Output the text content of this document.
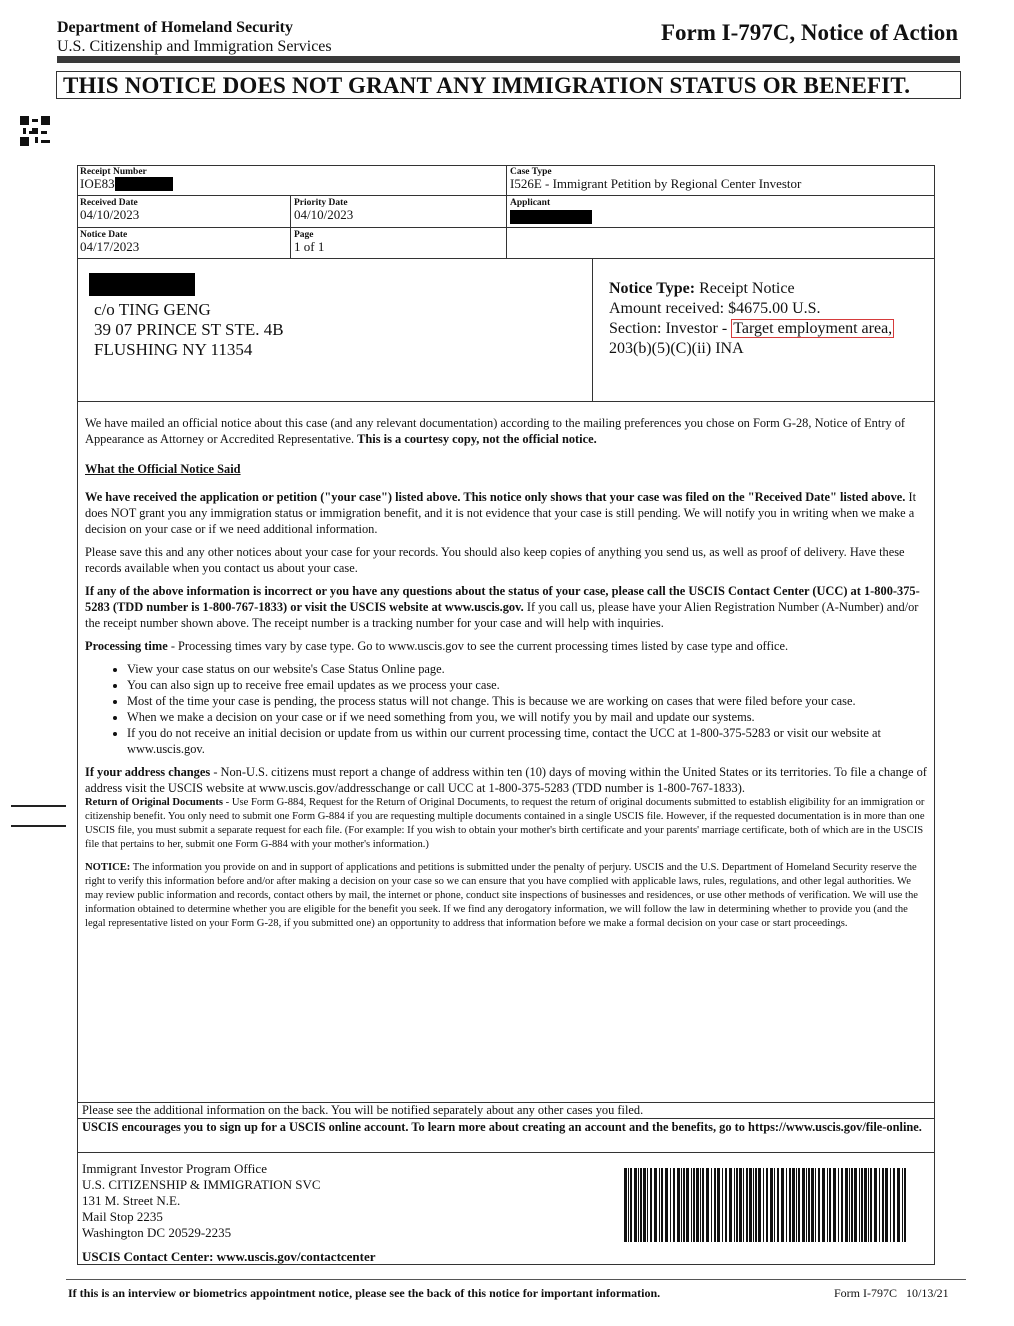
Department of Homeland Security
U.S. Citizenship and Immigration Services
Form I-797C, Notice of Action
THIS NOTICE DOES NOT GRANT ANY IMMIGRATION STATUS OR BENEFIT.
Receipt Number
IOE83
Case Type
I526E - Immigrant Petition by Regional Center Investor
Received Date
04/10/2023
Priority Date
04/10/2023
Applicant
Notice Date
04/17/2023
Page
1 of 1
c/o TING GENG
39 07 PRINCE ST STE. 4B
FLUSHING NY 11354
Notice Type: Receipt Notice
Amount received: $4675.00 U.S.
Section: Investor - Target employment area,
203(b)(5)(C)(ii) INA

We have mailed an official notice about this case (and any relevant documentation) according to the mailing preferences you chose on Form G-28, Notice of Entry of Appearance as Attorney or Accredited Representative. This is a courtesy copy, not the official notice.

What the Official Notice Said

We have received the application or petition ("your case") listed above. This notice only shows that your case was filed on the "Received Date" listed above. It does NOT grant you any immigration status or immigration benefit, and it is not evidence that your case is still pending. We will notify you in writing when we make a decision on your case or if we need additional information.

Please save this and any other notices about your case for your records. You should also keep copies of anything you send us, as well as proof of delivery. Have these records available when you contact us about your case.

If any of the above information is incorrect or you have any questions about the status of your case, please call the USCIS Contact Center (UCC) at 1-800-375-5283 (TDD number is 1-800-767-1833) or visit the USCIS website at www.uscis.gov. If you call us, please have your Alien Registration Number (A-Number) and/or the receipt number shown above. The receipt number is a tracking number for your case and will help with inquiries.

Processing time - Processing times vary by case type. Go to www.uscis.gov to see the current processing times listed by case type and office.

• View your case status on our website's Case Status Online page.
• You can also sign up to receive free email updates as we process your case.
• Most of the time your case is pending, the process status will not change. This is because we are working on cases that were filed before your case.
• When we make a decision on your case or if we need something from you, we will notify you by mail and update our systems.
• If you do not receive an initial decision or update from us within our current processing time, contact the UCC at 1-800-375-5283 or visit our website at www.uscis.gov.

If your address changes - Non-U.S. citizens must report a change of address within ten (10) days of moving within the United States or its territories. To file a change of address visit the USCIS website at www.uscis.gov/addresschange or call UCC at 1-800-375-5283 (TDD number is 1-800-767-1833).

Return of Original Documents - Use Form G-884, Request for the Return of Original Documents, to request the return of original documents submitted to establish eligibility for an immigration or citizenship benefit. You only need to submit one Form G-884 if you are requesting multiple documents contained in a single USCIS file. However, if the requested documentation is in more than one USCIS file, you must submit a separate request for each file. (For example: If you wish to obtain your mother's birth certificate and your parents' marriage certificate, both of which are in the USCIS file that pertains to her, submit one Form G-884 with your mother's information.)

NOTICE: The information you provide on and in support of applications and petitions is submitted under the penalty of perjury. USCIS and the U.S. Department of Homeland Security reserve the right to verify this information before and/or after making a decision on your case so we can ensure that you have complied with applicable laws, rules, regulations, and other legal authorities. We may review public information and records, contact others by mail, the internet or phone, conduct site inspections of businesses and residences, or use other methods of verification. We will use the information obtained to determine whether you are eligible for the benefit you seek. If we find any derogatory information, we will follow the law in determining whether to provide you (and the legal representative listed on your Form G-28, if you submitted one) an opportunity to address that information before we make a formal decision on your case or start proceedings.

Please see the additional information on the back. You will be notified separately about any other cases you filed.
USCIS encourages you to sign up for a USCIS online account. To learn more about creating an account and the benefits, go to https://www.uscis.gov/file-online.
Immigrant Investor Program Office
U.S. CITIZENSHIP & IMMIGRATION SVC
131 M. Street N.E.
Mail Stop 2235
Washington DC 20529-2235
USCIS Contact Center: www.uscis.gov/contactcenter
If this is an interview or biometrics appointment notice, please see the back of this notice for important information.	Form I-797C   10/13/21
